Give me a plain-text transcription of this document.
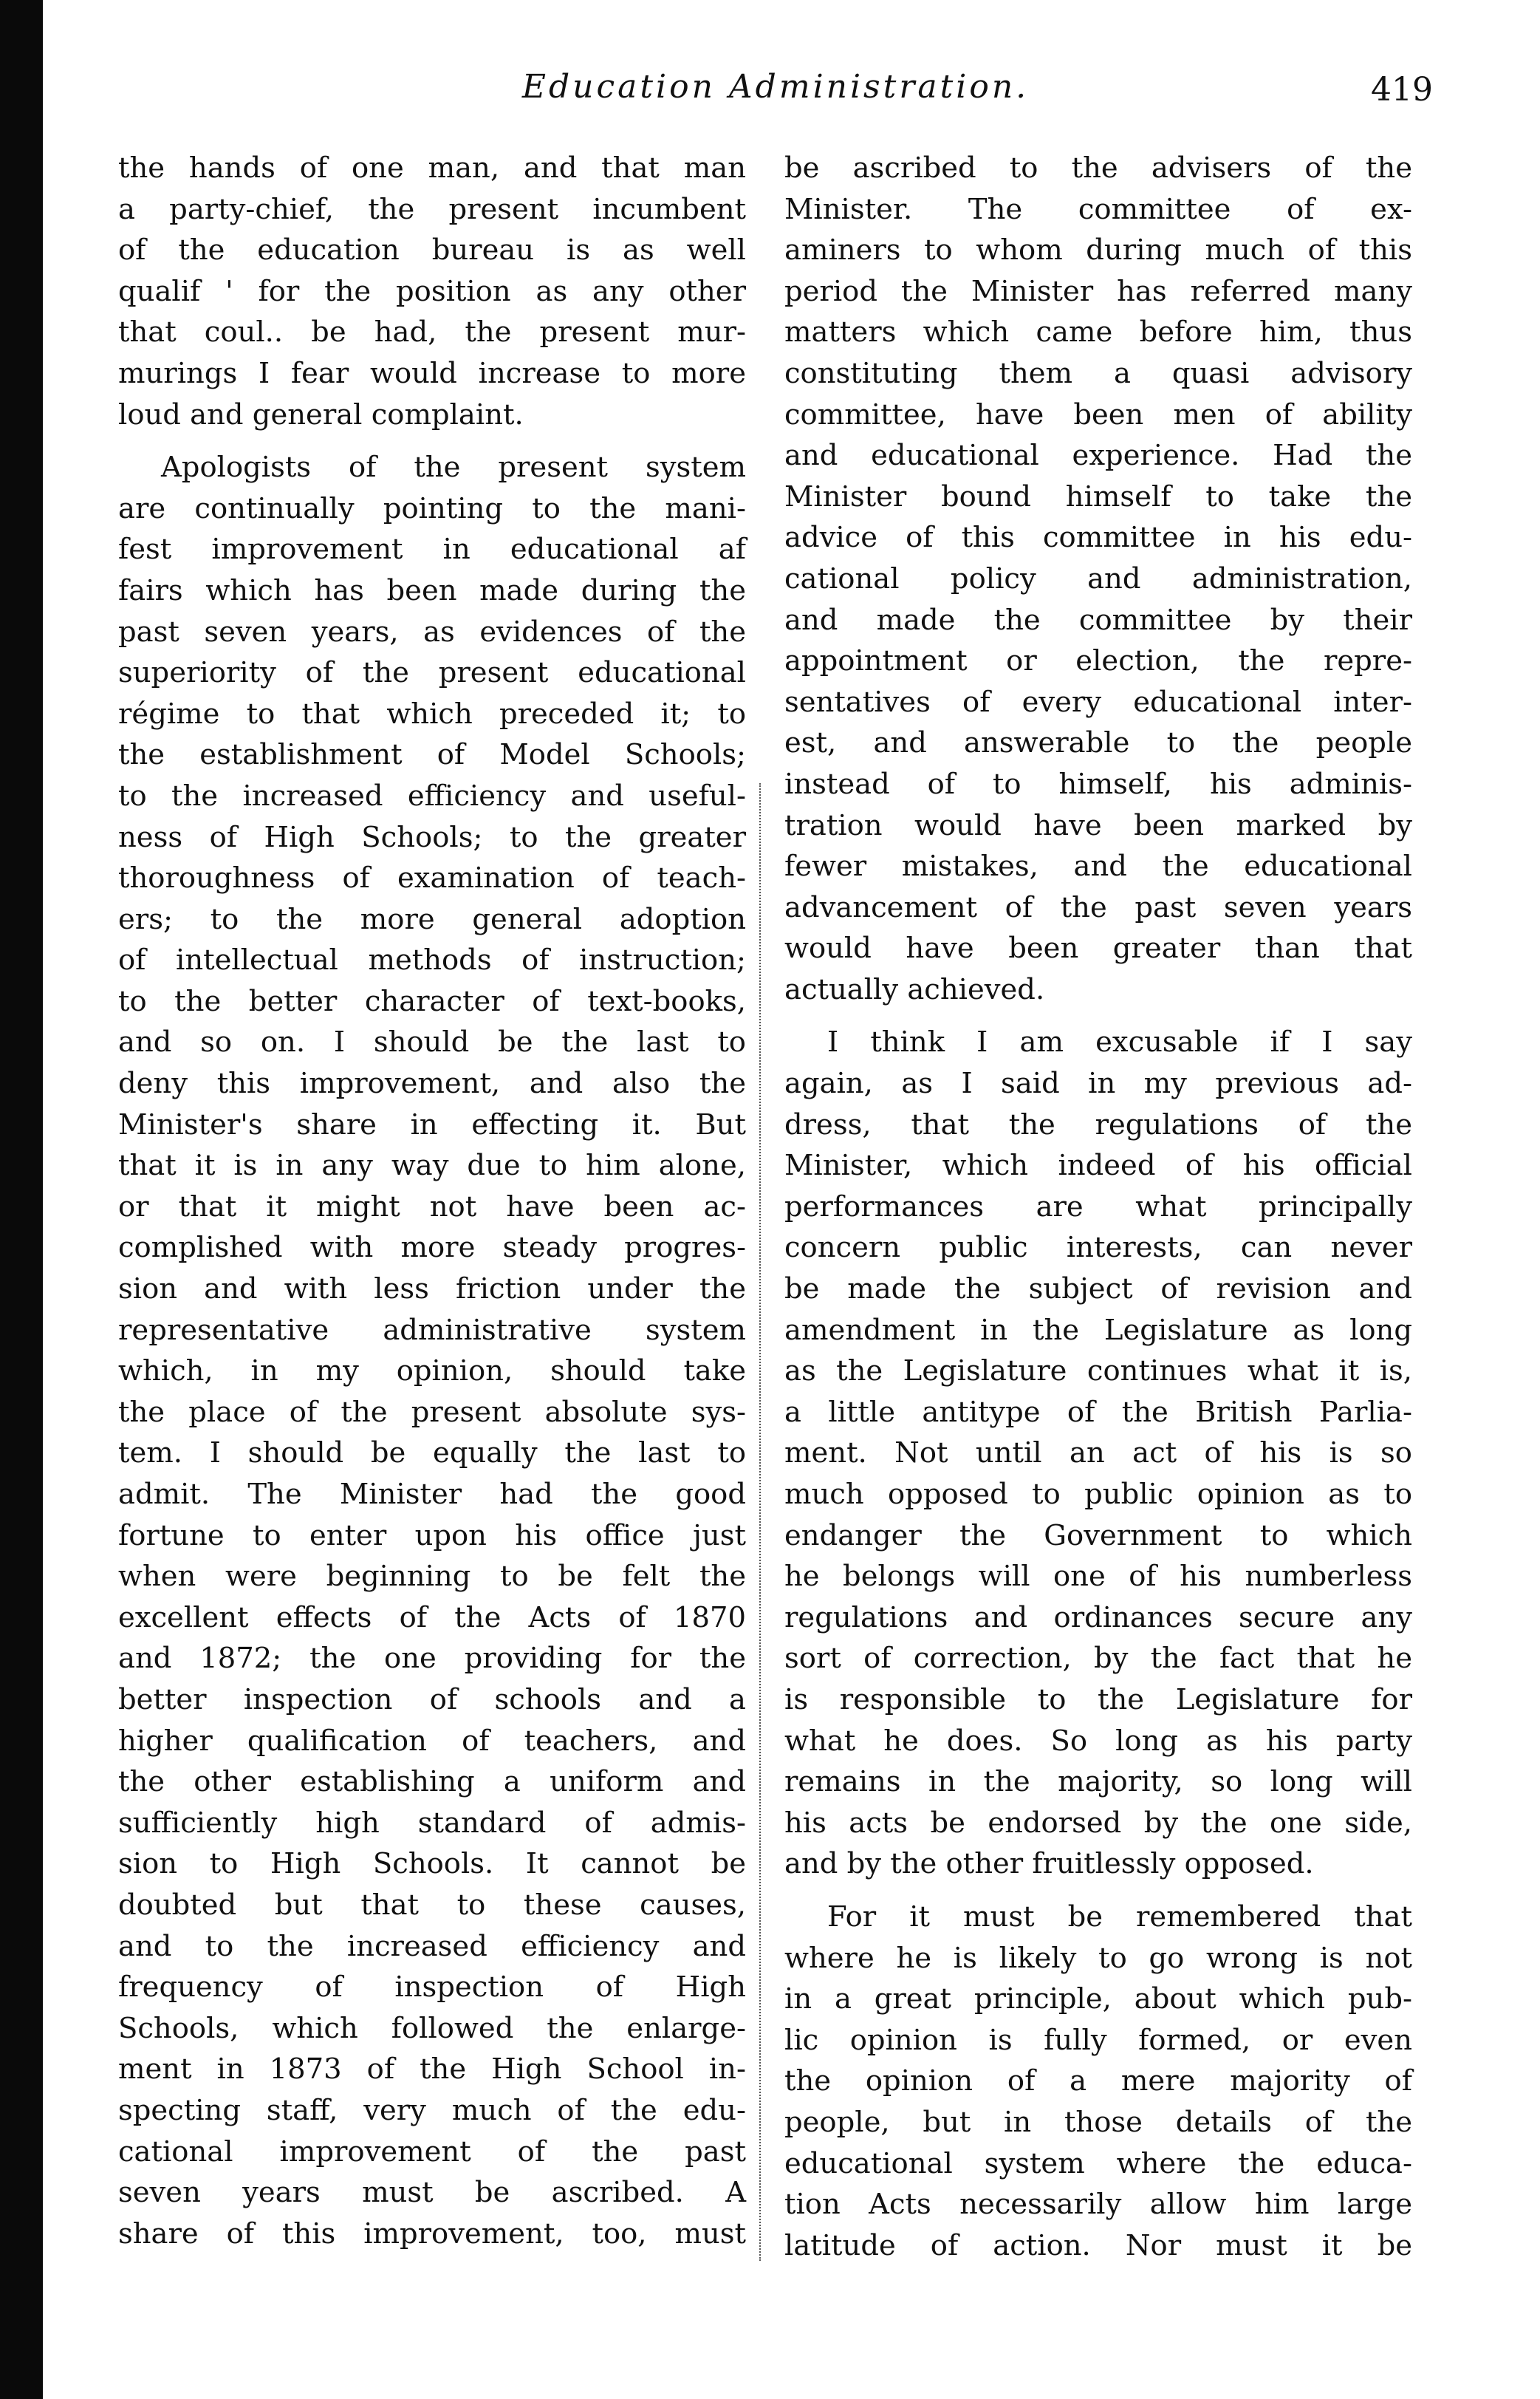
Education Administration.	419
the hands of one man, and that man
a party-chief, the present incumbent
of the education bureau is as well
qualif ' for the position as any other
that coul.. be had, the present mur-
murings I fear would increase to more
loud and general complaint.
Apologists of the present system
are continually pointing to the mani-
fest improvement in educational af
fairs which has been made during the
past seven years, as evidences of the
superiority of the present educational
régime to that which preceded it; to
the establishment of Model Schools;
to the increased efficiency and useful-
ness of High Schools; to the greater
thoroughness of examination of teach-
ers; to the more general adoption
of intellectual methods of instruction;
to the better character of text-books,
and so on. I should be the last to
deny this improvement, and also the
Minister's share in effecting it. But
that it is in any way due to him alone,
or that it might not have been ac-
complished with more steady progres-
sion and with less friction under the
representative administrative system
which, in my opinion, should take
the place of the present absolute sys-
tem. I should be equally the last to
admit. The Minister had the good
fortune to enter upon his office just
when were beginning to be felt the
excellent effects of the Acts of 1870
and 1872; the one providing for the
better inspection of schools and a
higher qualification of teachers, and
the other establishing a uniform and
sufficiently high standard of admis-
sion to High Schools. It cannot be
doubted but that to these causes,
and to the increased efficiency and
frequency of inspection of High
Schools, which followed the enlarge-
ment in 1873 of the High School in-
specting staff, very much of the edu-
cational improvement of the past
seven years must be ascribed. A
share of this improvement, too, must
be ascribed to the advisers of the
Minister. The committee of ex-
aminers to whom during much of this
period the Minister has referred many
matters which came before him, thus
constituting them a quasi advisory
committee, have been men of ability
and educational experience. Had the
Minister bound himself to take the
advice of this committee in his edu-
cational policy and administration,
and made the committee by their
appointment or election, the repre-
sentatives of every educational inter-
est, and answerable to the people
instead of to himself, his adminis-
tration would have been marked by
fewer mistakes, and the educational
advancement of the past seven years
would have been greater than that
actually achieved.
I think I am excusable if I say
again, as I said in my previous ad-
dress, that the regulations of the
Minister, which indeed of his official
performances are what principally
concern public interests, can never
be made the subject of revision and
amendment in the Legislature as long
as the Legislature continues what it is,
a little antitype of the British Parlia-
ment. Not until an act of his is so
much opposed to public opinion as to
endanger the Government to which
he belongs will one of his numberless
regulations and ordinances secure any
sort of correction, by the fact that he
is responsible to the Legislature for
what he does. So long as his party
remains in the majority, so long will
his acts be endorsed by the one side,
and by the other fruitlessly opposed.
For it must be remembered that
where he is likely to go wrong is not
in a great principle, about which pub-
lic opinion is fully formed, or even
the opinion of a mere majority of
people, but in those details of the
educational system where the educa-
tion Acts necessarily allow him large
latitude of action. Nor must it be
